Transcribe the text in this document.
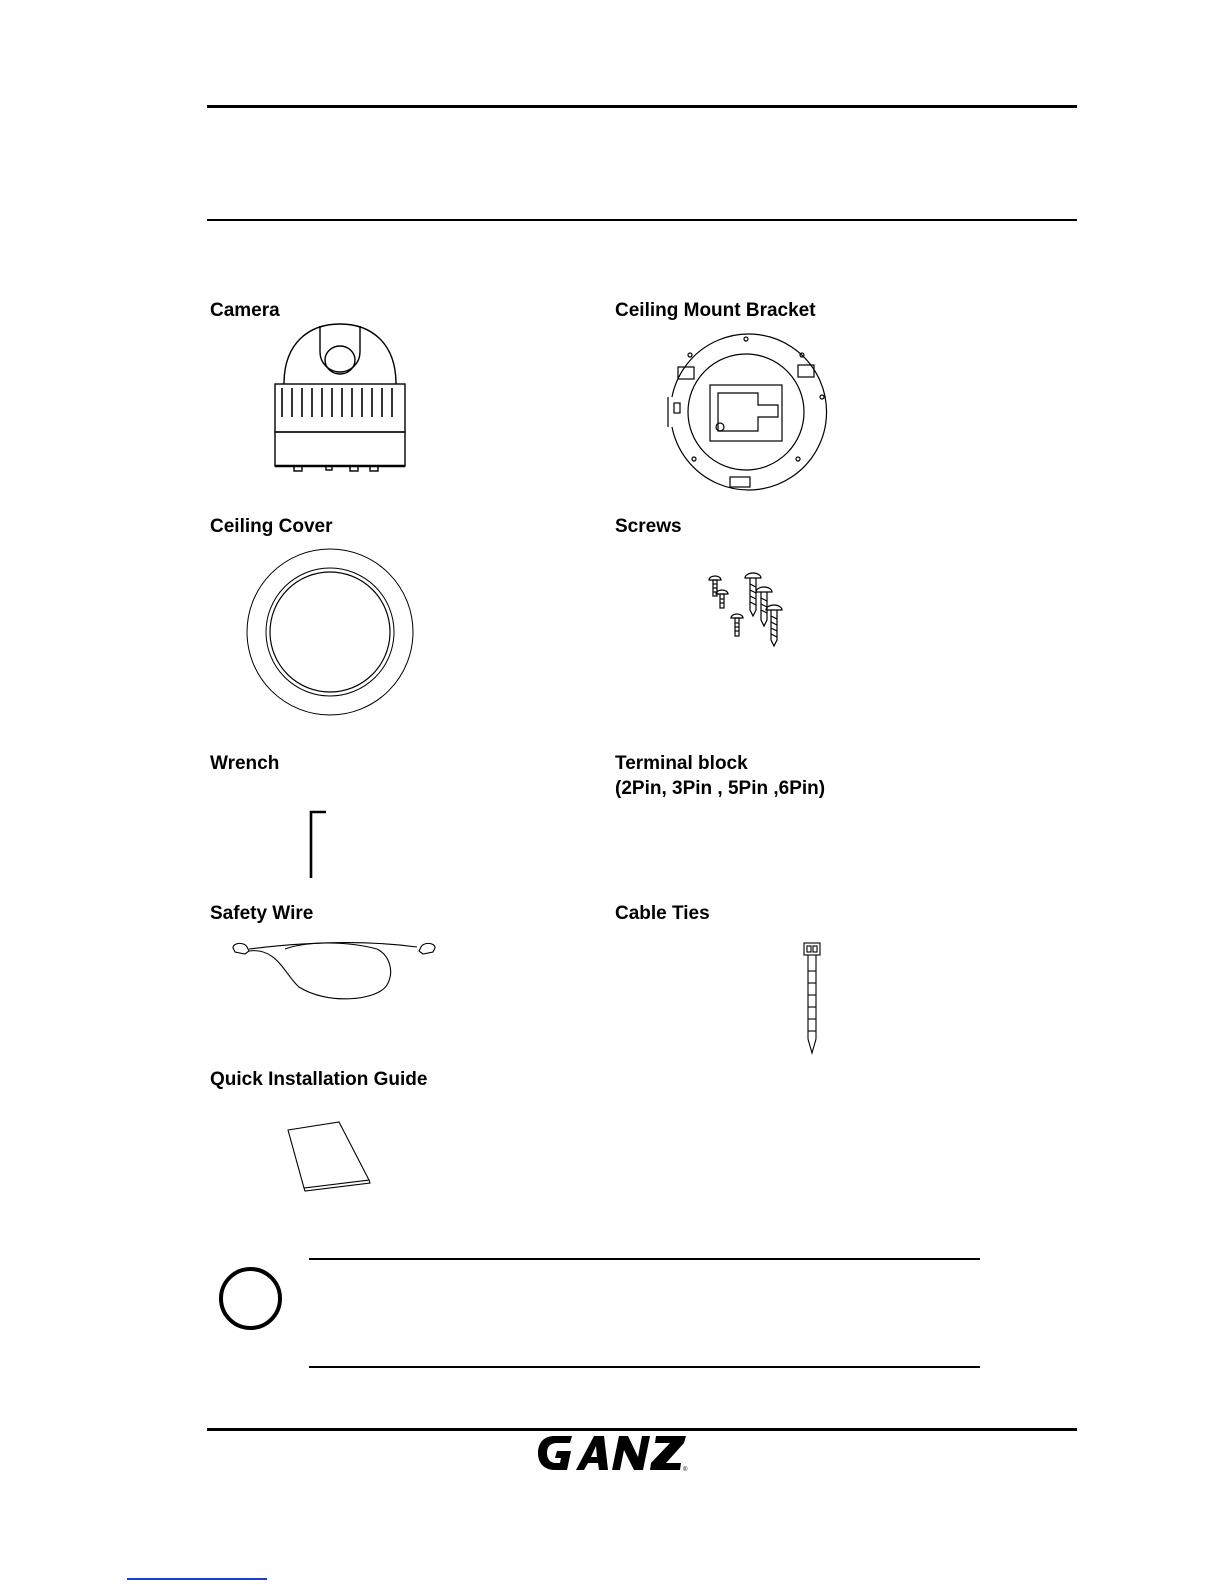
Camera	Ceiling Mount Bracket
Ceiling Cover	Screws
Wrench	Terminal block
(2Pin, 3Pin , 5Pin ,6Pin)
Safety Wire	Cable Ties
Quick Installation Guide
®
